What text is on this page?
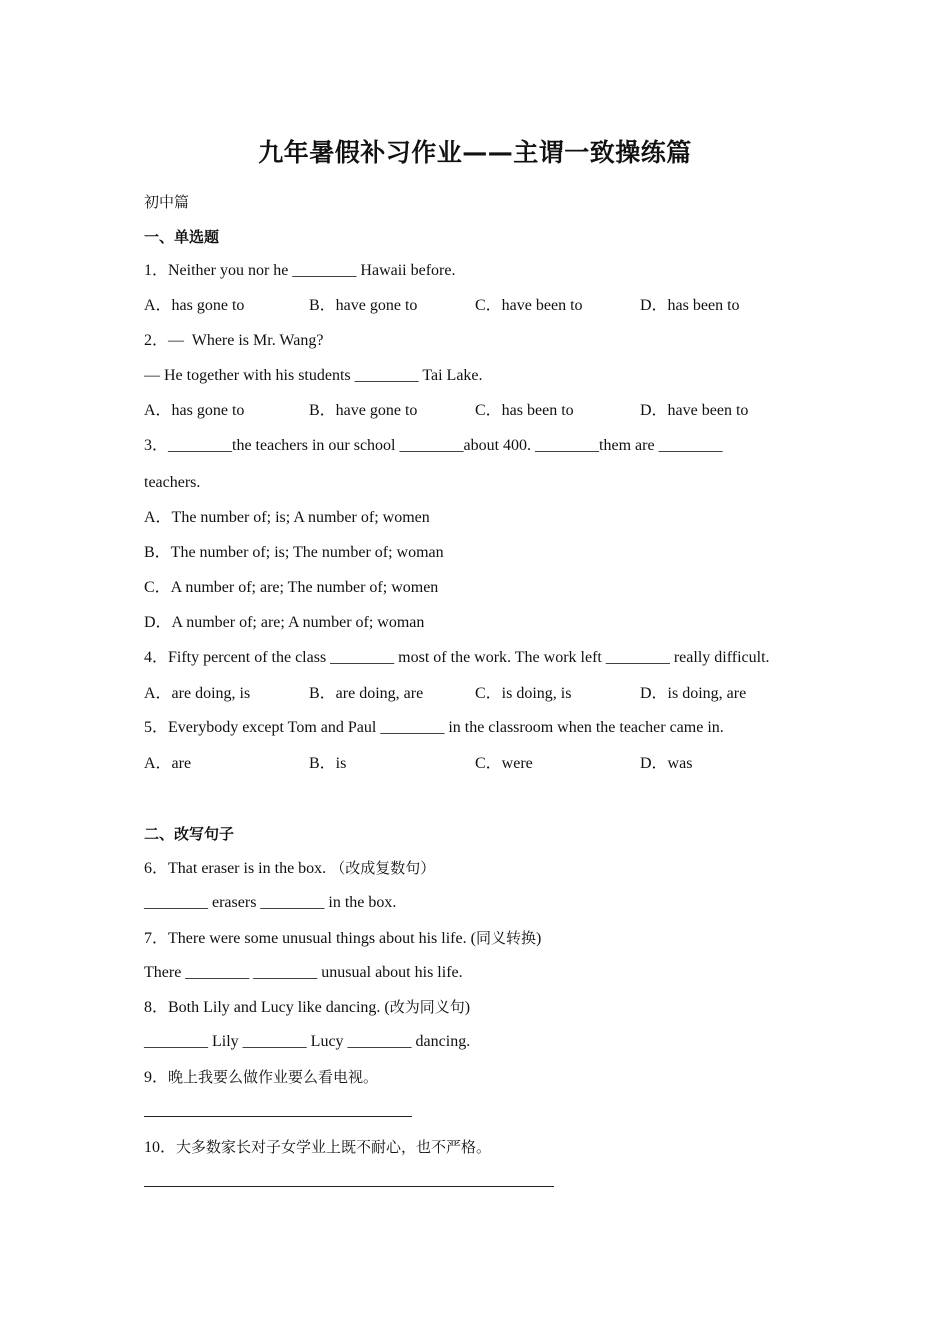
九年暑假补习作业——主谓一致操练篇
初中篇
一、单选题
1．Neither you nor he ________ Hawaii before.
A．has gone to	B．have gone to	C．have been to	D．has been to
2．—  Where is Mr. Wang?
— He together with his students ________ Tai Lake.
A．has gone to	B．have gone to	C．has been to	D．have been to
3．________the teachers in our school ________about 400. ________them are ________
teachers.
A．The number of; is; A number of; women
B．The number of; is; The number of; woman
C．A number of; are; The number of; women
D．A number of; are; A number of; woman
4．Fifty percent of the class ________ most of the work. The work left ________ really difficult.
A．are doing, is	B．are doing, are	C．is doing, is	D．is doing, are
5．Everybody except Tom and Paul ________ in the classroom when the teacher came in.
A．are	B．is	C．were	D．was
二、改写句子
6．That eraser is in the box. （改成复数句）
________ erasers ________ in the box.
7．There were some unusual things about his life. (同义转换)
There ________ ________ unusual about his life.
8．Both Lily and Lucy like dancing. (改为同义句)
________ Lily ________ Lucy ________ dancing.
9．晚上我要么做作业要么看电视。
10．大多数家长对子女学业上既不耐心，也不严格。
